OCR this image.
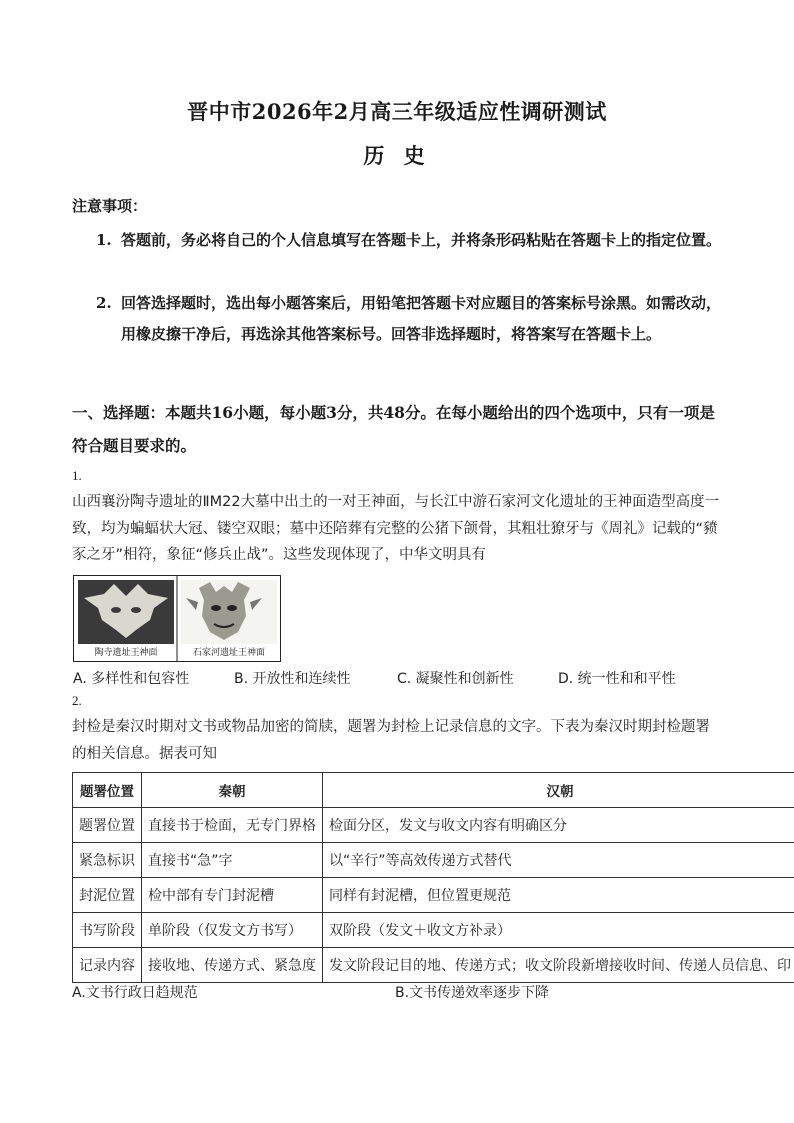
晋中市2026年2月高三年级适应性调研测试
历 史
注意事项：
1. 答题前，务必将自己的个人信息填写在答题卡上，并将条形码粘贴在答题卡上的指定位置。
2. 回答选择题时，选出每小题答案后，用铅笔把答题卡对应题目的答案标号涂黑。如需改动，用橡皮擦干净后，再选涂其他答案标号。回答非选择题时，将答案写在答题卡上。
一、选择题：本题共16小题，每小题3分，共48分。在每小题给出的四个选项中，只有一项是符合题目要求的。
1.
山西襄汾陶寺遗址的ⅡM22大墓中出土的一对王神面，与长江中游石家河文化遗址的王神面造型高度一致，均为蝙蝠状大冠、镂空双眼；墓中还陪葬有完整的公猪下颌骨，其粗壮獠牙与《周礼》记载的“豮豕之牙”相符，象征“修兵止战”。这些发现体现了，中华文明具有
陶寺遗址王神面	石家河遗址王神面
A. 多样性和包容性	B. 开放性和连续性	C. 凝聚性和创新性	D. 统一性和和平性
2.
封检是秦汉时期对文书或物品加密的简牍，题署为封检上记录信息的文字。下表为秦汉时期封检题署的相关信息。据表可知
题署位置	秦朝	汉朝
题署位置	直接书于检面，无专门界格	检面分区，发文与收文内容有明确区分
紧急标识	直接书“急”字	以“辛行”等高效传递方式替代
封泥位置	检中部有专门封泥槽	同样有封泥槽，但位置更规范
书写阶段	单阶段（仅发文方书写）	双阶段（发文＋收文方补录）
记录内容	接收地、传递方式、紧急度	发文阶段记目的地、传递方式；收文阶段新增接收时间、传递人员信息、印
A.文书行政日趋规范	B.文书传递效率逐步下降
